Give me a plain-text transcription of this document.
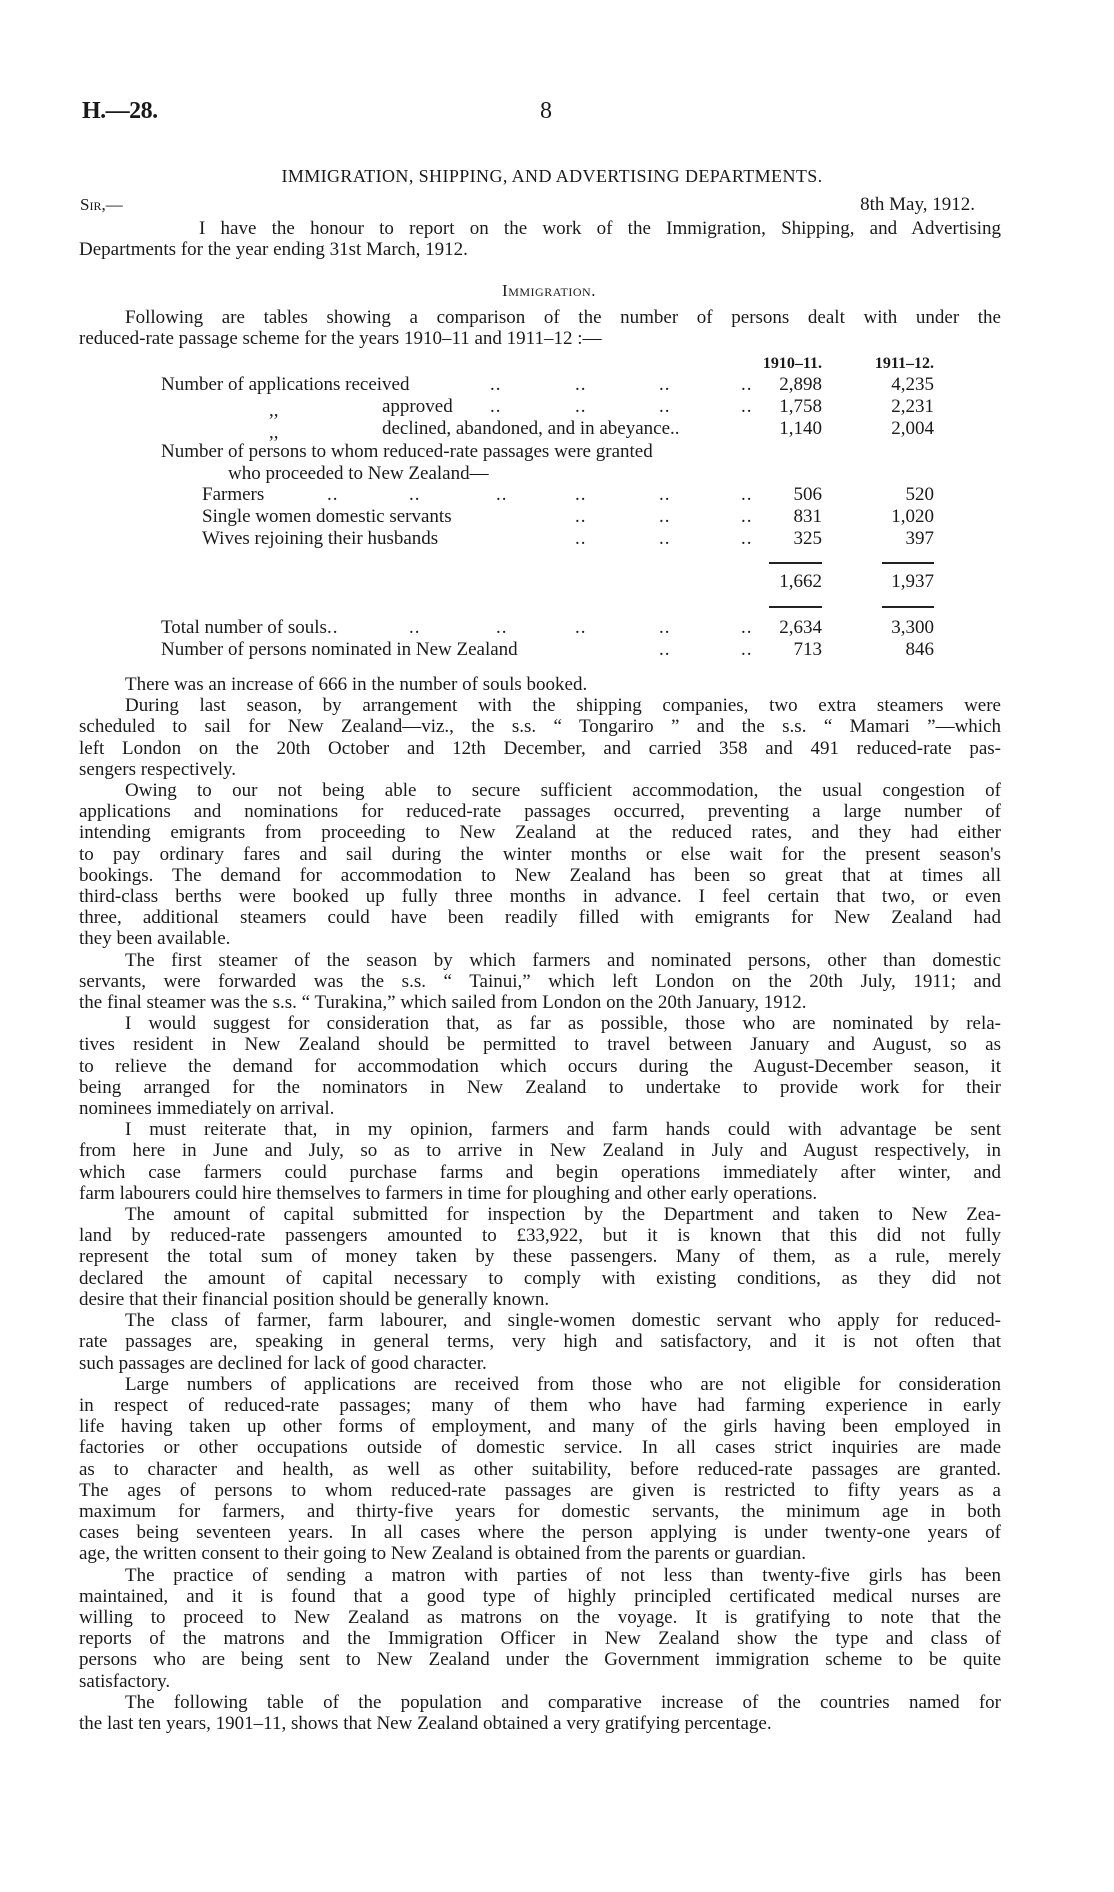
H.—28.	8
IMMIGRATION, SHIPPING, AND ADVERTISING DEPARTMENTS.
Sir,—	8th May, 1912.
I have the honour to report on the work of the Immigration, Shipping, and Advertising
Departments for the year ending 31st March, 1912.
Immigration.
Following are tables showing a comparison of the number of persons dealt with under the
reduced-rate passage scheme for the years 1910–11 and 1911–12 :—
1910–11.	1911–12.
Number of applications received	..	..	..	.. 2,898	4,235
,,	approved ..	..	..	.. 1,758	2,231
,,	declined, abandoned, and in abeyance..	1,140	2,004
Number of persons to whom reduced-rate passages were granted
who proceeded to New Zealand—
Farmers	..	..	..	..	..	.. 506	520
Single women domestic servants	..	..	.. 831	1,020
Wives rejoining their husbands	..	..	.. 325	397
1,662	1,937
Total number of souls ..	..	..	..	..	.. 2,634	3,300
Number of persons nominated in New Zealand	..	.. 713	846
There was an increase of 666 in the number of souls booked.
During last season, by arrangement with the shipping companies, two extra steamers were
scheduled to sail for New Zealand—viz., the s.s. “ Tongariro ” and the s.s. “ Mamari ”—which
left London on the 20th October and 12th December, and carried 358 and 491 reduced-rate pas-
sengers respectively.
Owing to our not being able to secure sufficient accommodation, the usual congestion of
applications and nominations for reduced-rate passages occurred, preventing a large number of
intending emigrants from proceeding to New Zealand at the reduced rates, and they had either
to pay ordinary fares and sail during the winter months or else wait for the present season's
bookings. The demand for accommodation to New Zealand has been so great that at times all
third-class berths were booked up fully three months in advance. I feel certain that two, or even
three, additional steamers could have been readily filled with emigrants for New Zealand had
they been available.
The first steamer of the season by which farmers and nominated persons, other than domestic
servants, were forwarded was the s.s. “ Tainui,” which left London on the 20th July, 1911; and
the final steamer was the s.s. “ Turakina,” which sailed from London on the 20th January, 1912.
I would suggest for consideration that, as far as possible, those who are nominated by rela-
tives resident in New Zealand should be permitted to travel between January and August, so as
to relieve the demand for accommodation which occurs during the August-December season, it
being arranged for the nominators in New Zealand to undertake to provide work for their
nominees immediately on arrival.
I must reiterate that, in my opinion, farmers and farm hands could with advantage be sent
from here in June and July, so as to arrive in New Zealand in July and August respectively, in
which case farmers could purchase farms and begin operations immediately after winter, and
farm labourers could hire themselves to farmers in time for ploughing and other early operations.
The amount of capital submitted for inspection by the Department and taken to New Zea-
land by reduced-rate passengers amounted to £33,922, but it is known that this did not fully
represent the total sum of money taken by these passengers. Many of them, as a rule, merely
declared the amount of capital necessary to comply with existing conditions, as they did not
desire that their financial position should be generally known.
The class of farmer, farm labourer, and single-women domestic servant who apply for reduced-
rate passages are, speaking in general terms, very high and satisfactory, and it is not often that
such passages are declined for lack of good character.
Large numbers of applications are received from those who are not eligible for consideration
in respect of reduced-rate passages; many of them who have had farming experience in early
life having taken up other forms of employment, and many of the girls having been employed in
factories or other occupations outside of domestic service. In all cases strict inquiries are made
as to character and health, as well as other suitability, before reduced-rate passages are granted.
The ages of persons to whom reduced-rate passages are given is restricted to fifty years as a
maximum for farmers, and thirty-five years for domestic servants, the minimum age in both
cases being seventeen years. In all cases where the person applying is under twenty-one years of
age, the written consent to their going to New Zealand is obtained from the parents or guardian.
The practice of sending a matron with parties of not less than twenty-five girls has been
maintained, and it is found that a good type of highly principled certificated medical nurses are
willing to proceed to New Zealand as matrons on the voyage. It is gratifying to note that the
reports of the matrons and the Immigration Officer in New Zealand show the type and class of
persons who are being sent to New Zealand under the Government immigration scheme to be quite
satisfactory.
The following table of the population and comparative increase of the countries named for
the last ten years, 1901–11, shows that New Zealand obtained a very gratifying percentage.
